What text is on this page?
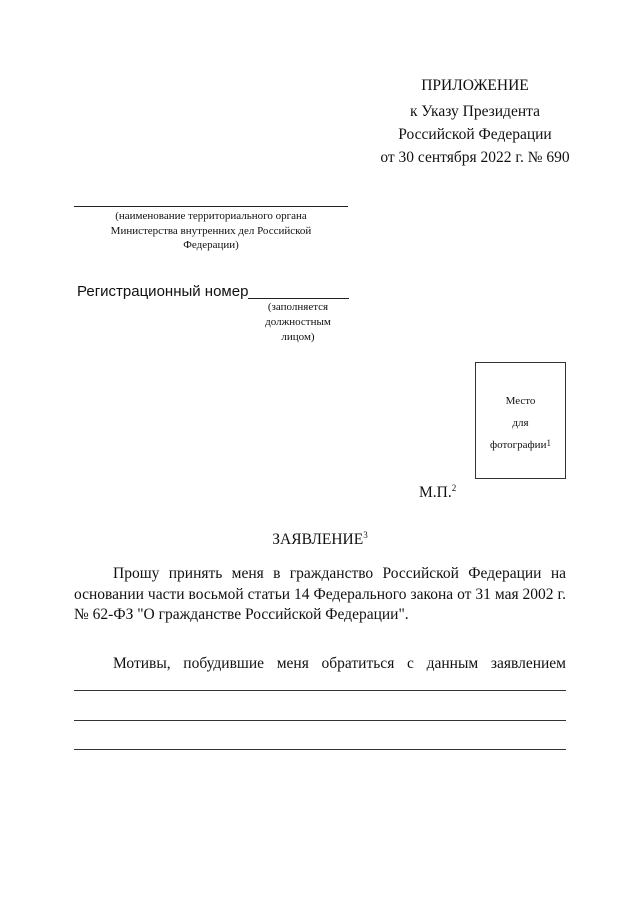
ПРИЛОЖЕНИЕ
к Указу Президента
Российской Федерации
от 30 сентября 2022 г. № 690
(наименование территориального органа
Министерства внутренних дел Российской
Федерации)
Регистрационный номер
(заполняется
должностным
лицом)
Место
для
фотографии$^1$
М.П.$^2$
ЗАЯВЛЕНИЕ$^3$
Прошу принять меня в гражданство Российской Федерации на основании части восьмой статьи 14 Федерального закона от 31 мая 2002 г. № 62-ФЗ "О гражданстве Российской Федерации".
Мотивы, побудившие меня обратиться с данным заявлением
